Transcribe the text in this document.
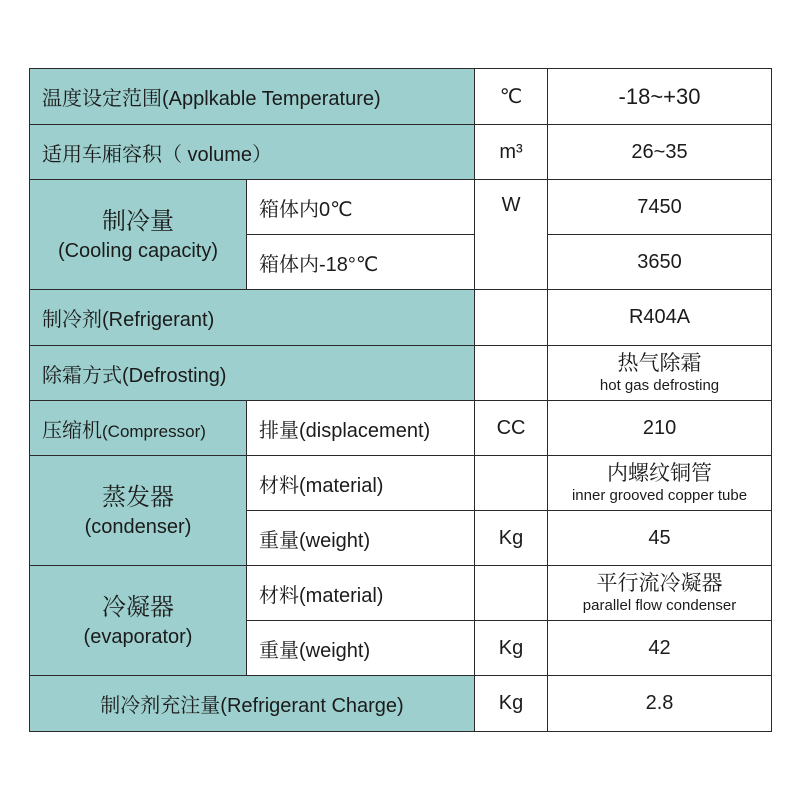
温度设定范围(Applkable Temperature)		℃	-18~+30
适用车厢容积（ volume）		m³	26~35

制冷量
(Cooling capacity)	箱体内0℃	W	7450
	箱体内-18°℃		3650
制冷剂(Refrigerant)			R404A
除霜方式(Defrosting)			热气除霜
hot gas defrosting

压缩机(Compressor)	排量(displacement)	CC	210

蒸发器
(condenser)	材料(material)		内螺纹铜管
inner grooved copper tube

	重量(weight)	Kg	45

冷凝器
(evaporator)	材料(material)		平行流冷凝器
parallel flow condenser

	重量(weight)	Kg	42
制冷剂充注量(Refrigerant Charge)		Kg	2.8
